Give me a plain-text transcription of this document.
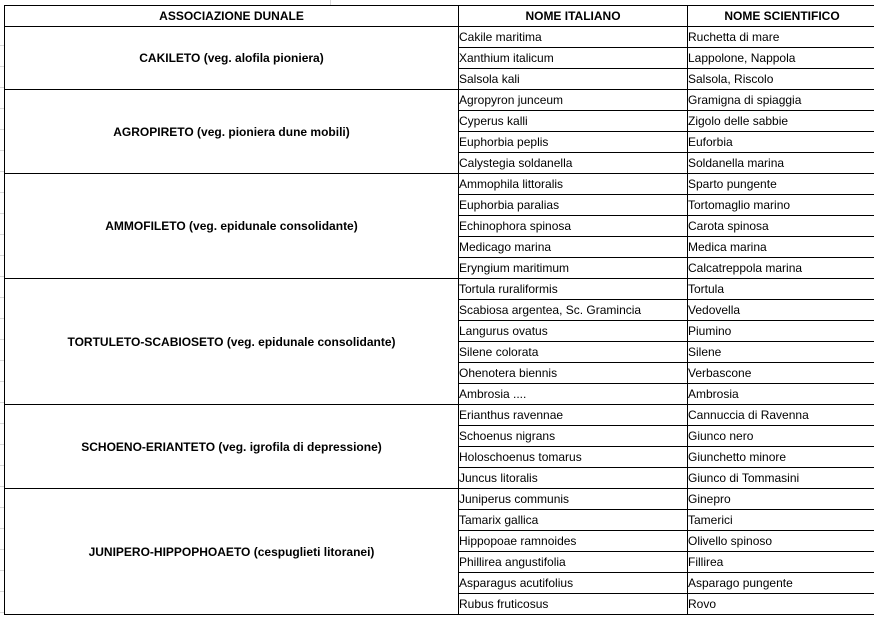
ASSOCIAZIONE DUNALE	NOME ITALIANO	NOME SCIENTIFICO
CAKILETO (veg. alofila pioniera)	Cakile maritima	Ruchetta di mare
	Xanthium italicum	Lappolone, Nappola
	Salsola kali	Salsola, Riscolo
AGROPIRETO (veg. pioniera dune mobili)	Agropyron junceum	Gramigna di spiaggia
	Cyperus kalli	Zigolo delle sabbie
	Euphorbia peplis	Euforbia
	Calystegia soldanella	Soldanella marina
AMMOFILETO (veg. epidunale consolidante)	Ammophila littoralis	Sparto pungente
	Euphorbia paralias	Tortomaglio marino
	Echinophora spinosa	Carota spinosa
	Medicago marina	Medica marina
	Eryngium maritimum	Calcatreppola marina
TORTULETO-SCABIOSETO (veg. epidunale consolidante)	Tortula ruraliformis	Tortula
	Scabiosa argentea, Sc. Gramincia	Vedovella
	Langurus ovatus	Piumino
	Silene colorata	Silene
	Ohenotera biennis	Verbascone
	Ambrosia ....	Ambrosia
SCHOENO-ERIANTETO (veg. igrofila di depressione)	Erianthus ravennae	Cannuccia di Ravenna
	Schoenus nigrans	Giunco nero
	Holoschoenus tomarus	Giunchetto minore
	Juncus litoralis	Giunco di Tommasini
JUNIPERO-HIPPOPHOAETO (cespuglieti litoranei)	Juniperus communis	Ginepro
	Tamarix gallica	Tamerici
	Hippopoae ramnoides	Olivello spinoso
	Phillirea angustifolia	Fillirea
	Asparagus acutifolius	Asparago pungente
	Rubus fruticosus	Rovo
